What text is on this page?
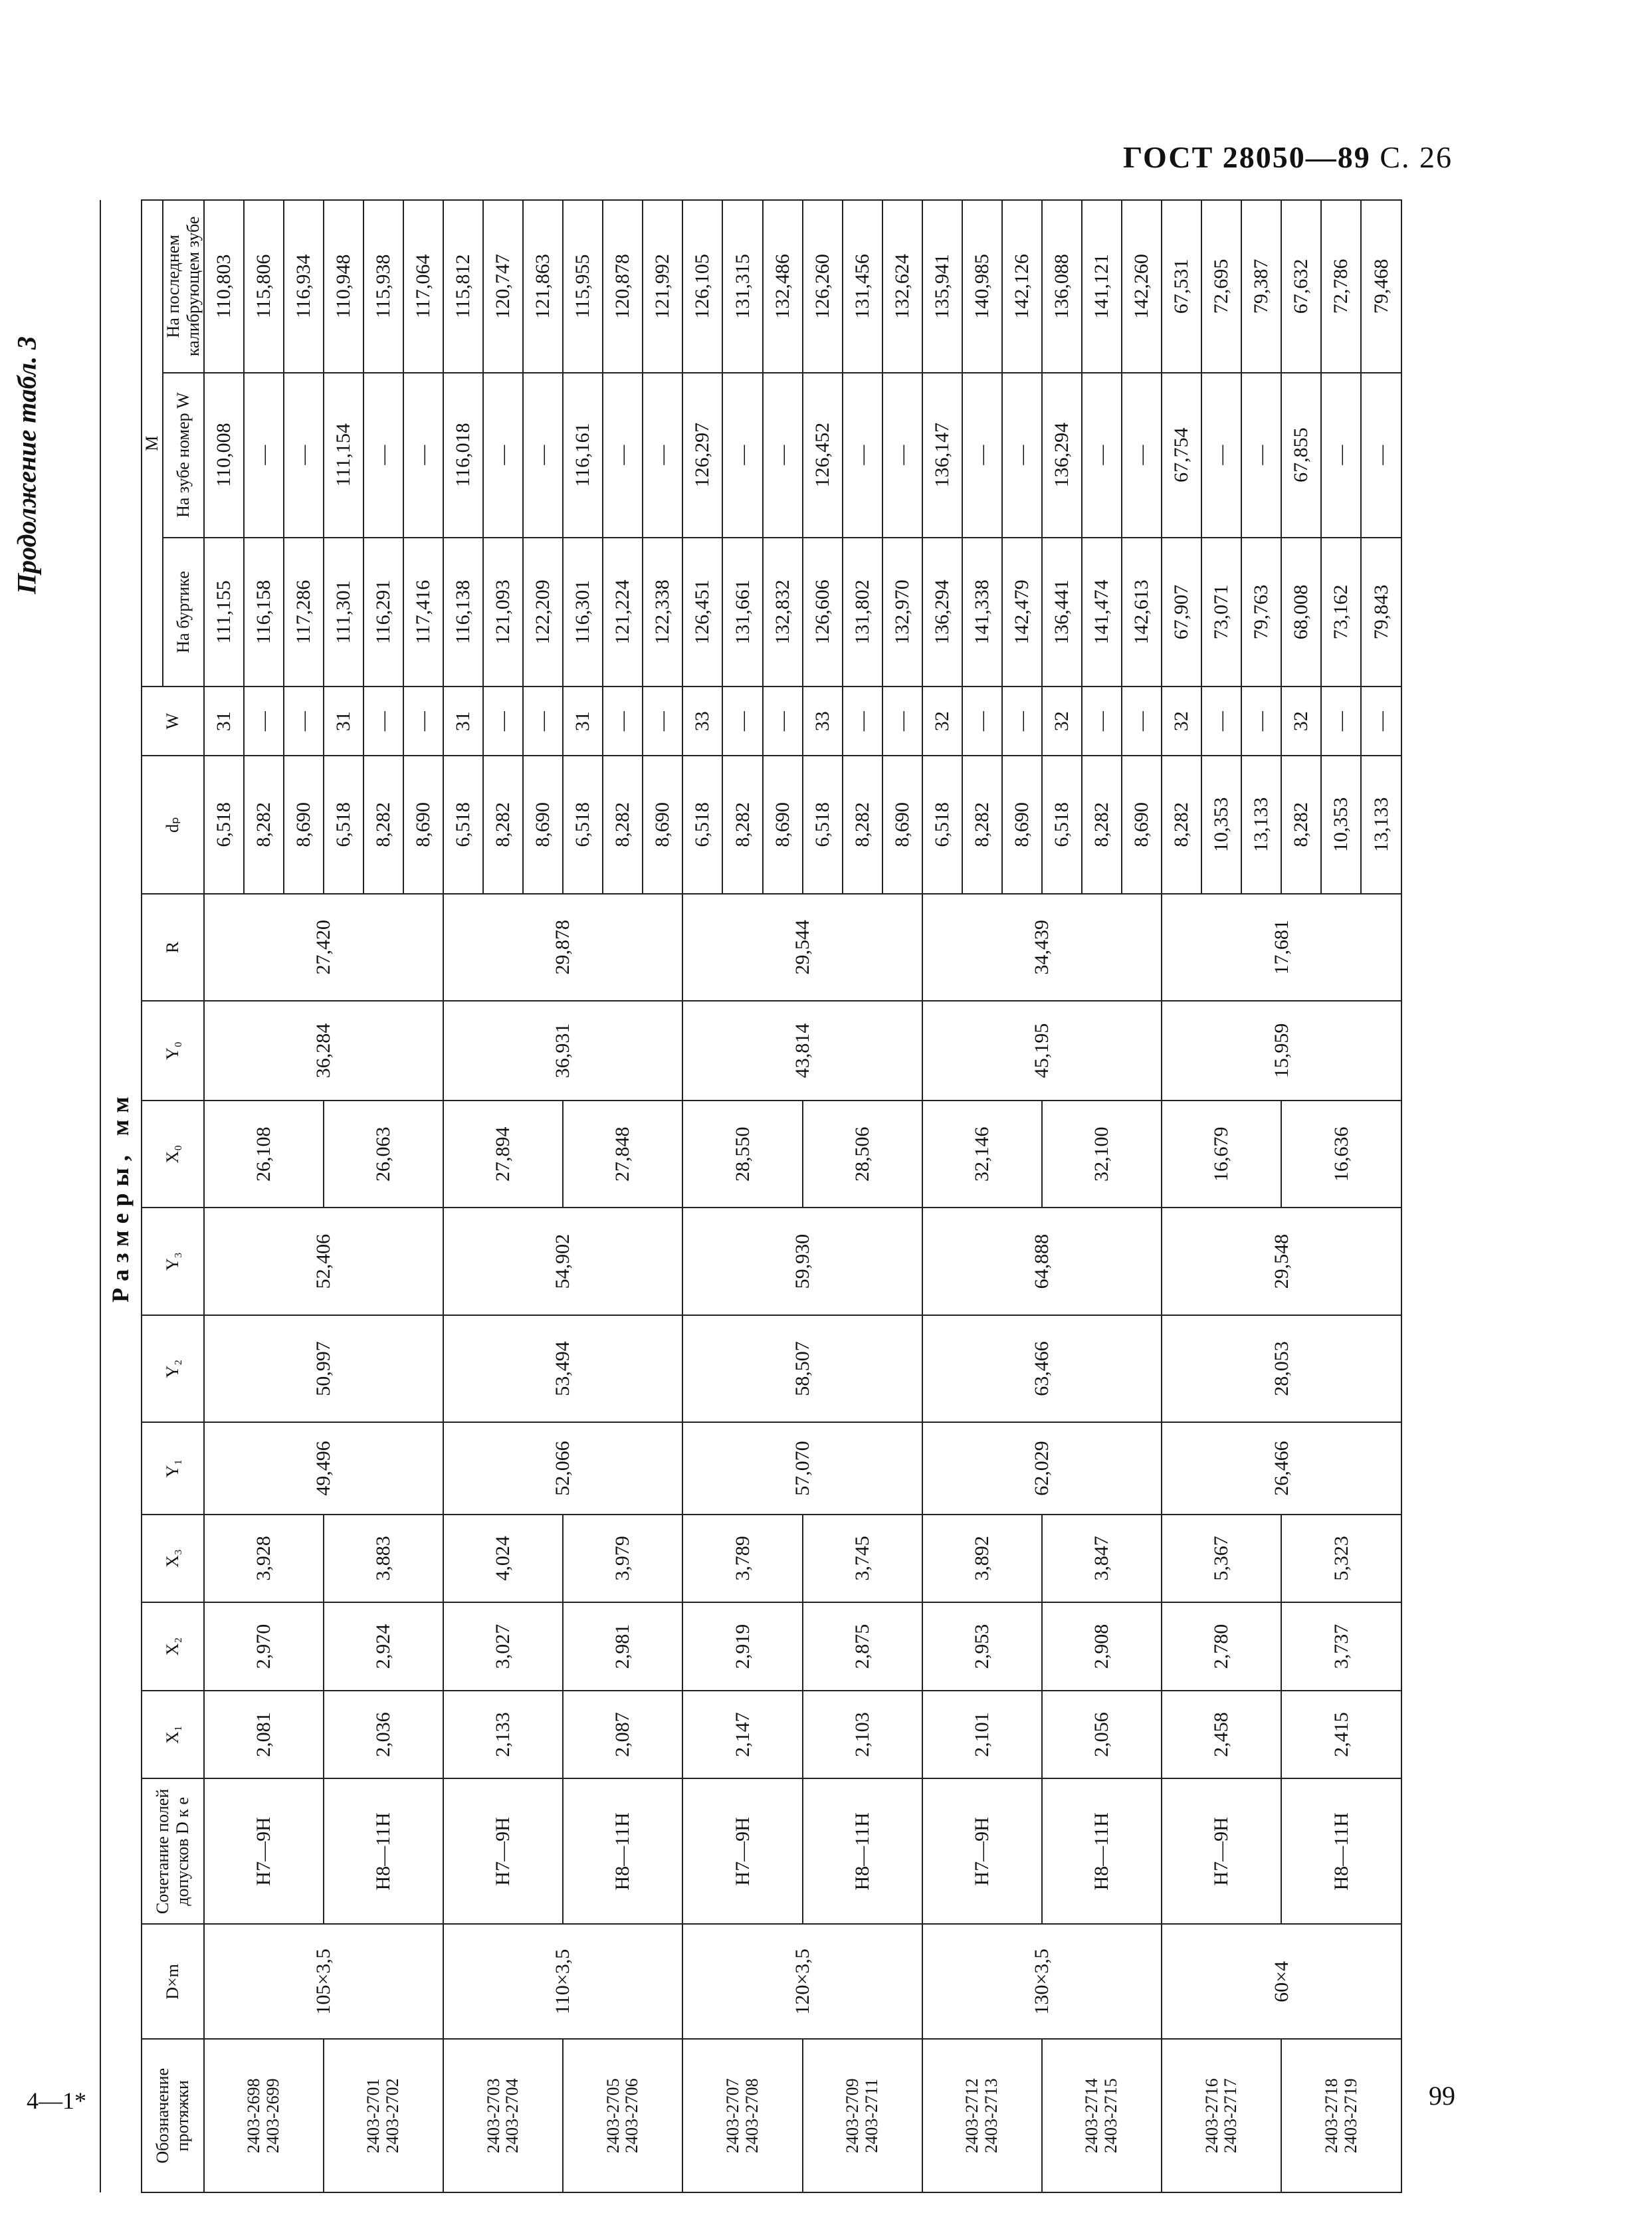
ГОСТ 28050—89 С. 26
Продолжение табл. 3
Размеры, мм																
Обозначение протяжки	D×m	Сочетание полей допусков D к е	X₁	X₂	X₃	Y₁	Y₂	Y₃	X₀	Y₀	R	dₚ	W	M		
														На буртике	На зубе номер W	На последнем калибрующем зубе

2403-2698 2403-2699	105×3,5	H7—9H	2,081	2,970	3,928	49,496	50,997	52,406	26,108	36,284	27,420	6,518	31	111,155	110,008	110,803
												8,282	—	116,158	—	115,806
												8,690	—	117,286	—	116,934

2403-2701 2403-2702		H8—11H	2,036	2,924	3,883				26,063			6,518	31	111,301	111,154	110,948
												8,282	—	116,291	—	115,938
												8,690	—	117,416	—	117,064

2403-2703 2403-2704	110×3,5	H7—9H	2,133	3,027	4,024	52,066	53,494	54,902	27,894	36,931	29,878	6,518	31	116,138	116,018	115,812
												8,282	—	121,093	—	120,747
												8,690	—	122,209	—	121,863

2403-2705 2403-2706		H8—11H	2,087	2,981	3,979				27,848			6,518	31	116,301	116,161	115,955
												8,282	—	121,224	—	120,878
												8,690	—	122,338	—	121,992

2403-2707 2403-2708	120×3,5	H7—9H	2,147	2,919	3,789	57,070	58,507	59,930	28,550	43,814	29,544	6,518	33	126,451	126,297	126,105
												8,282	—	131,661	—	131,315
												8,690	—	132,832	—	132,486

2403-2709 2403-2711		H8—11H	2,103	2,875	3,745				28,506			6,518	33	126,606	126,452	126,260
												8,282	—	131,802	—	131,456
												8,690	—	132,970	—	132,624

2403-2712 2403-2713	130×3,5	H7—9H	2,101	2,953	3,892	62,029	63,466	64,888	32,146	45,195	34,439	6,518	32	136,294	136,147	135,941
												8,282	—	141,338	—	140,985
												8,690	—	142,479	—	142,126

2403-2714 2403-2715		H8—11H	2,056	2,908	3,847				32,100			6,518	32	136,441	136,294	136,088
												8,282	—	141,474	—	141,121
												8,690	—	142,613	—	142,260

2403-2716 2403-2717	60×4	H7—9H	2,458	2,780	5,367	26,466	28,053	29,548	16,679	15,959	17,681	8,282	32	67,907	67,754	67,531
												10,353	—	73,071	—	72,695
												13,133	—	79,763	—	79,387

2403-2718 2403-2719		H8—11H	2,415	3,737	5,323				16,636			8,282	32	68,008	67,855	67,632
												10,353	—	73,162	—	72,786
												13,133	—	79,843	—	79,468
4—1*	99
